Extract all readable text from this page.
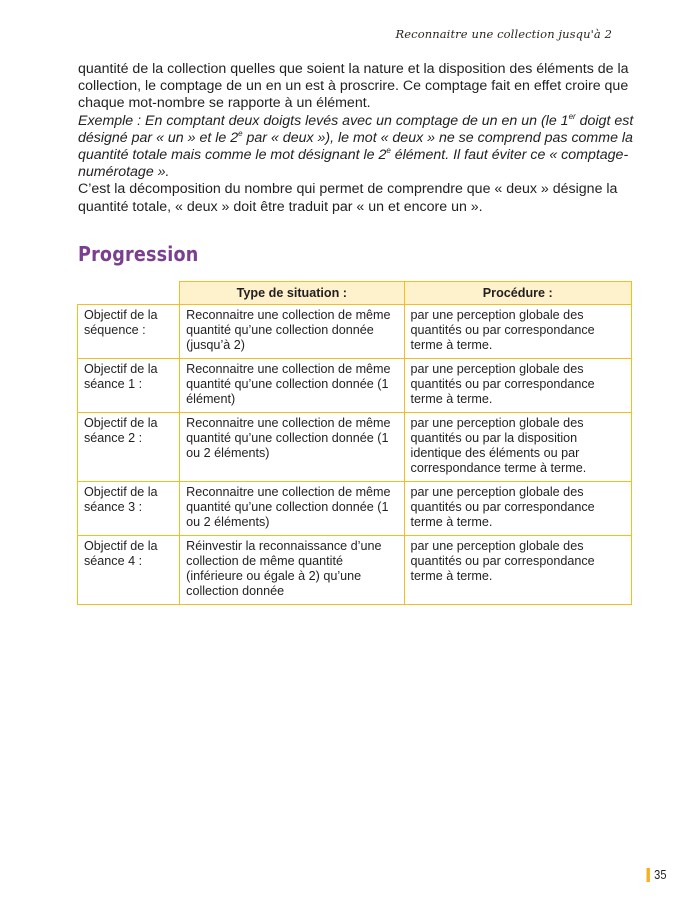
Reconnaitre une collection jusqu'à 2

quantité de la collection quelles que soient la nature et la disposition des éléments de la collection, le comptage de un en un est à proscrire. Ce comptage fait en effet croire que chaque mot-nombre se rapporte à un élément.

Exemple : En comptant deux doigts levés avec un comptage de un en un (le 1er doigt est désigné par « un » et le 2e par « deux »), le mot « deux » ne se comprend pas comme la quantité totale mais comme le mot désignant le 2e élément. Il faut éviter ce « comptage-numérotage ».

C’est la décomposition du nombre qui permet de comprendre que « deux » désigne la quantité totale, « deux » doit être traduit par « un et encore un ».

Progression
	Type de situation :	Procédure :
Objectif de la séquence :	Reconnaitre une collection de même quantité qu’une collection donnée (jusqu’à 2)	par une perception globale des quantités ou par correspondance terme à terme.
Objectif de la séance 1 :	Reconnaitre une collection de même quantité qu’une collection donnée (1 élément)	par une perception globale des quantités ou par correspondance terme à terme.
Objectif de la séance 2 :	Reconnaitre une collection de même quantité qu’une collection donnée (1 ou 2 éléments)	par une perception globale des quantités ou par la disposition identique des éléments ou par correspondance terme à terme.
Objectif de la séance 3 :	Reconnaitre une collection de même quantité qu’une collection donnée (1 ou 2 éléments)	par une perception globale des quantités ou par correspondance terme à terme.
Objectif de la séance 4 :	Réinvestir la reconnaissance d’une collection de même quantité (inférieure ou égale à 2) qu’une collection donnée	par une perception globale des quantités ou par correspondance terme à terme.
35
